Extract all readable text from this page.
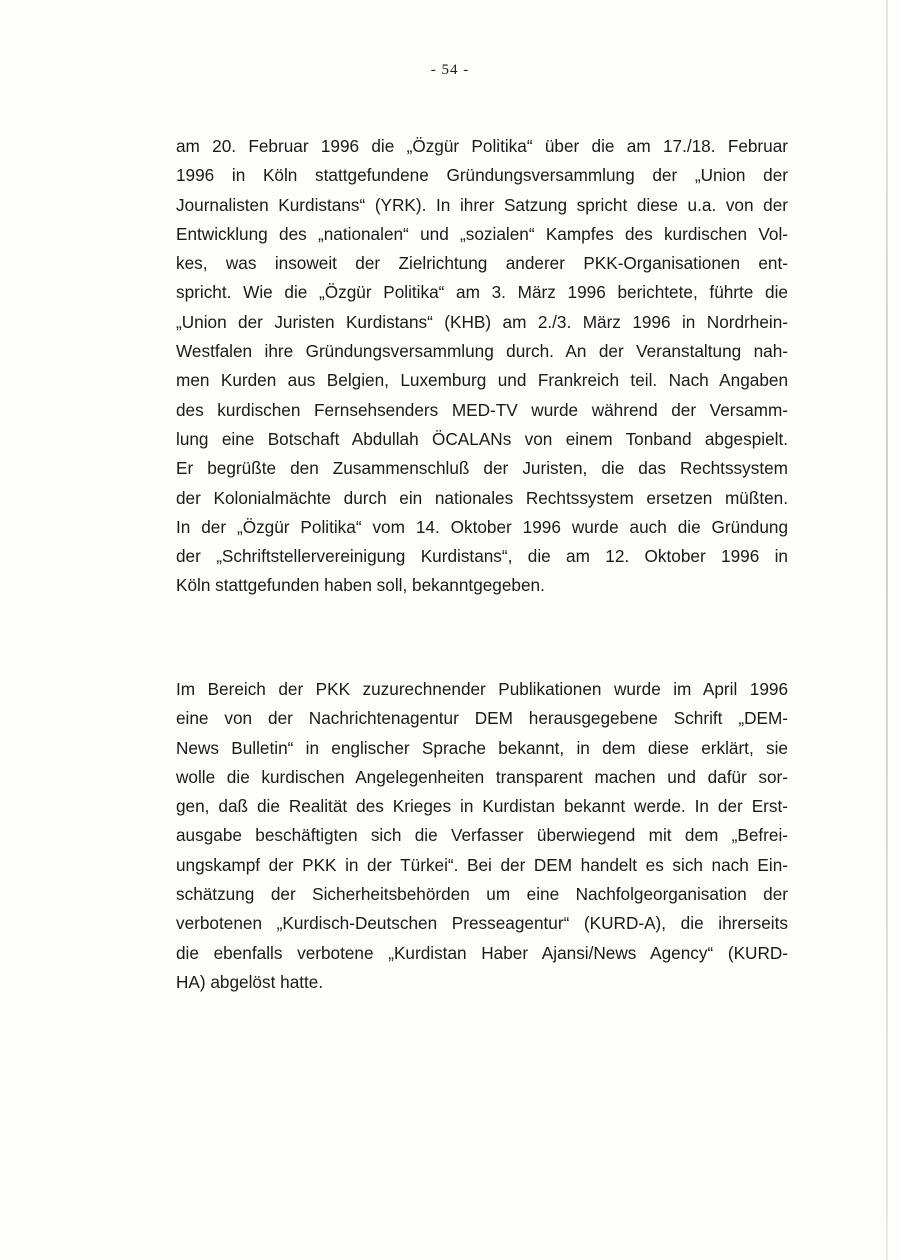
- 54 -
am 20. Februar 1996 die „Özgür Politika“ über die am 17./18. Februar
1996 in Köln stattgefundene Gründungsversammlung der „Union der
Journalisten Kurdistans“ (YRK). In ihrer Satzung spricht diese u.a. von der
Entwicklung des „nationalen“ und „sozialen“ Kampfes des kurdischen Vol-
kes, was insoweit der Zielrichtung anderer PKK-Organisationen ent-
spricht. Wie die „Özgür Politika“ am 3. März 1996 berichtete, führte die
„Union der Juristen Kurdistans“ (KHB) am 2./3. März 1996 in Nordrhein-
Westfalen ihre Gründungsversammlung durch. An der Veranstaltung nah-
men Kurden aus Belgien, Luxemburg und Frankreich teil. Nach Angaben
des kurdischen Fernsehsenders MED-TV wurde während der Versamm-
lung eine Botschaft Abdullah ÖCALANs von einem Tonband abgespielt.
Er begrüßte den Zusammenschluß der Juristen, die das Rechtssystem
der Kolonialmächte durch ein nationales Rechtssystem ersetzen müßten.
In der „Özgür Politika“ vom 14. Oktober 1996 wurde auch die Gründung
der „Schriftstellervereinigung Kurdistans“, die am 12. Oktober 1996 in
Köln stattgefunden haben soll, bekanntgegeben.
Im Bereich der PKK zuzurechnender Publikationen wurde im April 1996
eine von der Nachrichtenagentur DEM herausgegebene Schrift „DEM-
News Bulletin“ in englischer Sprache bekannt, in dem diese erklärt, sie
wolle die kurdischen Angelegenheiten transparent machen und dafür sor-
gen, daß die Realität des Krieges in Kurdistan bekannt werde. In der Erst-
ausgabe beschäftigten sich die Verfasser überwiegend mit dem „Befrei-
ungskampf der PKK in der Türkei“. Bei der DEM handelt es sich nach Ein-
schätzung der Sicherheitsbehörden um eine Nachfolgeorganisation der
verbotenen „Kurdisch-Deutschen Presseagentur“ (KURD-A), die ihrerseits
die ebenfalls verbotene „Kurdistan Haber Ajansi/News Agency“ (KURD-
HA) abgelöst hatte.
